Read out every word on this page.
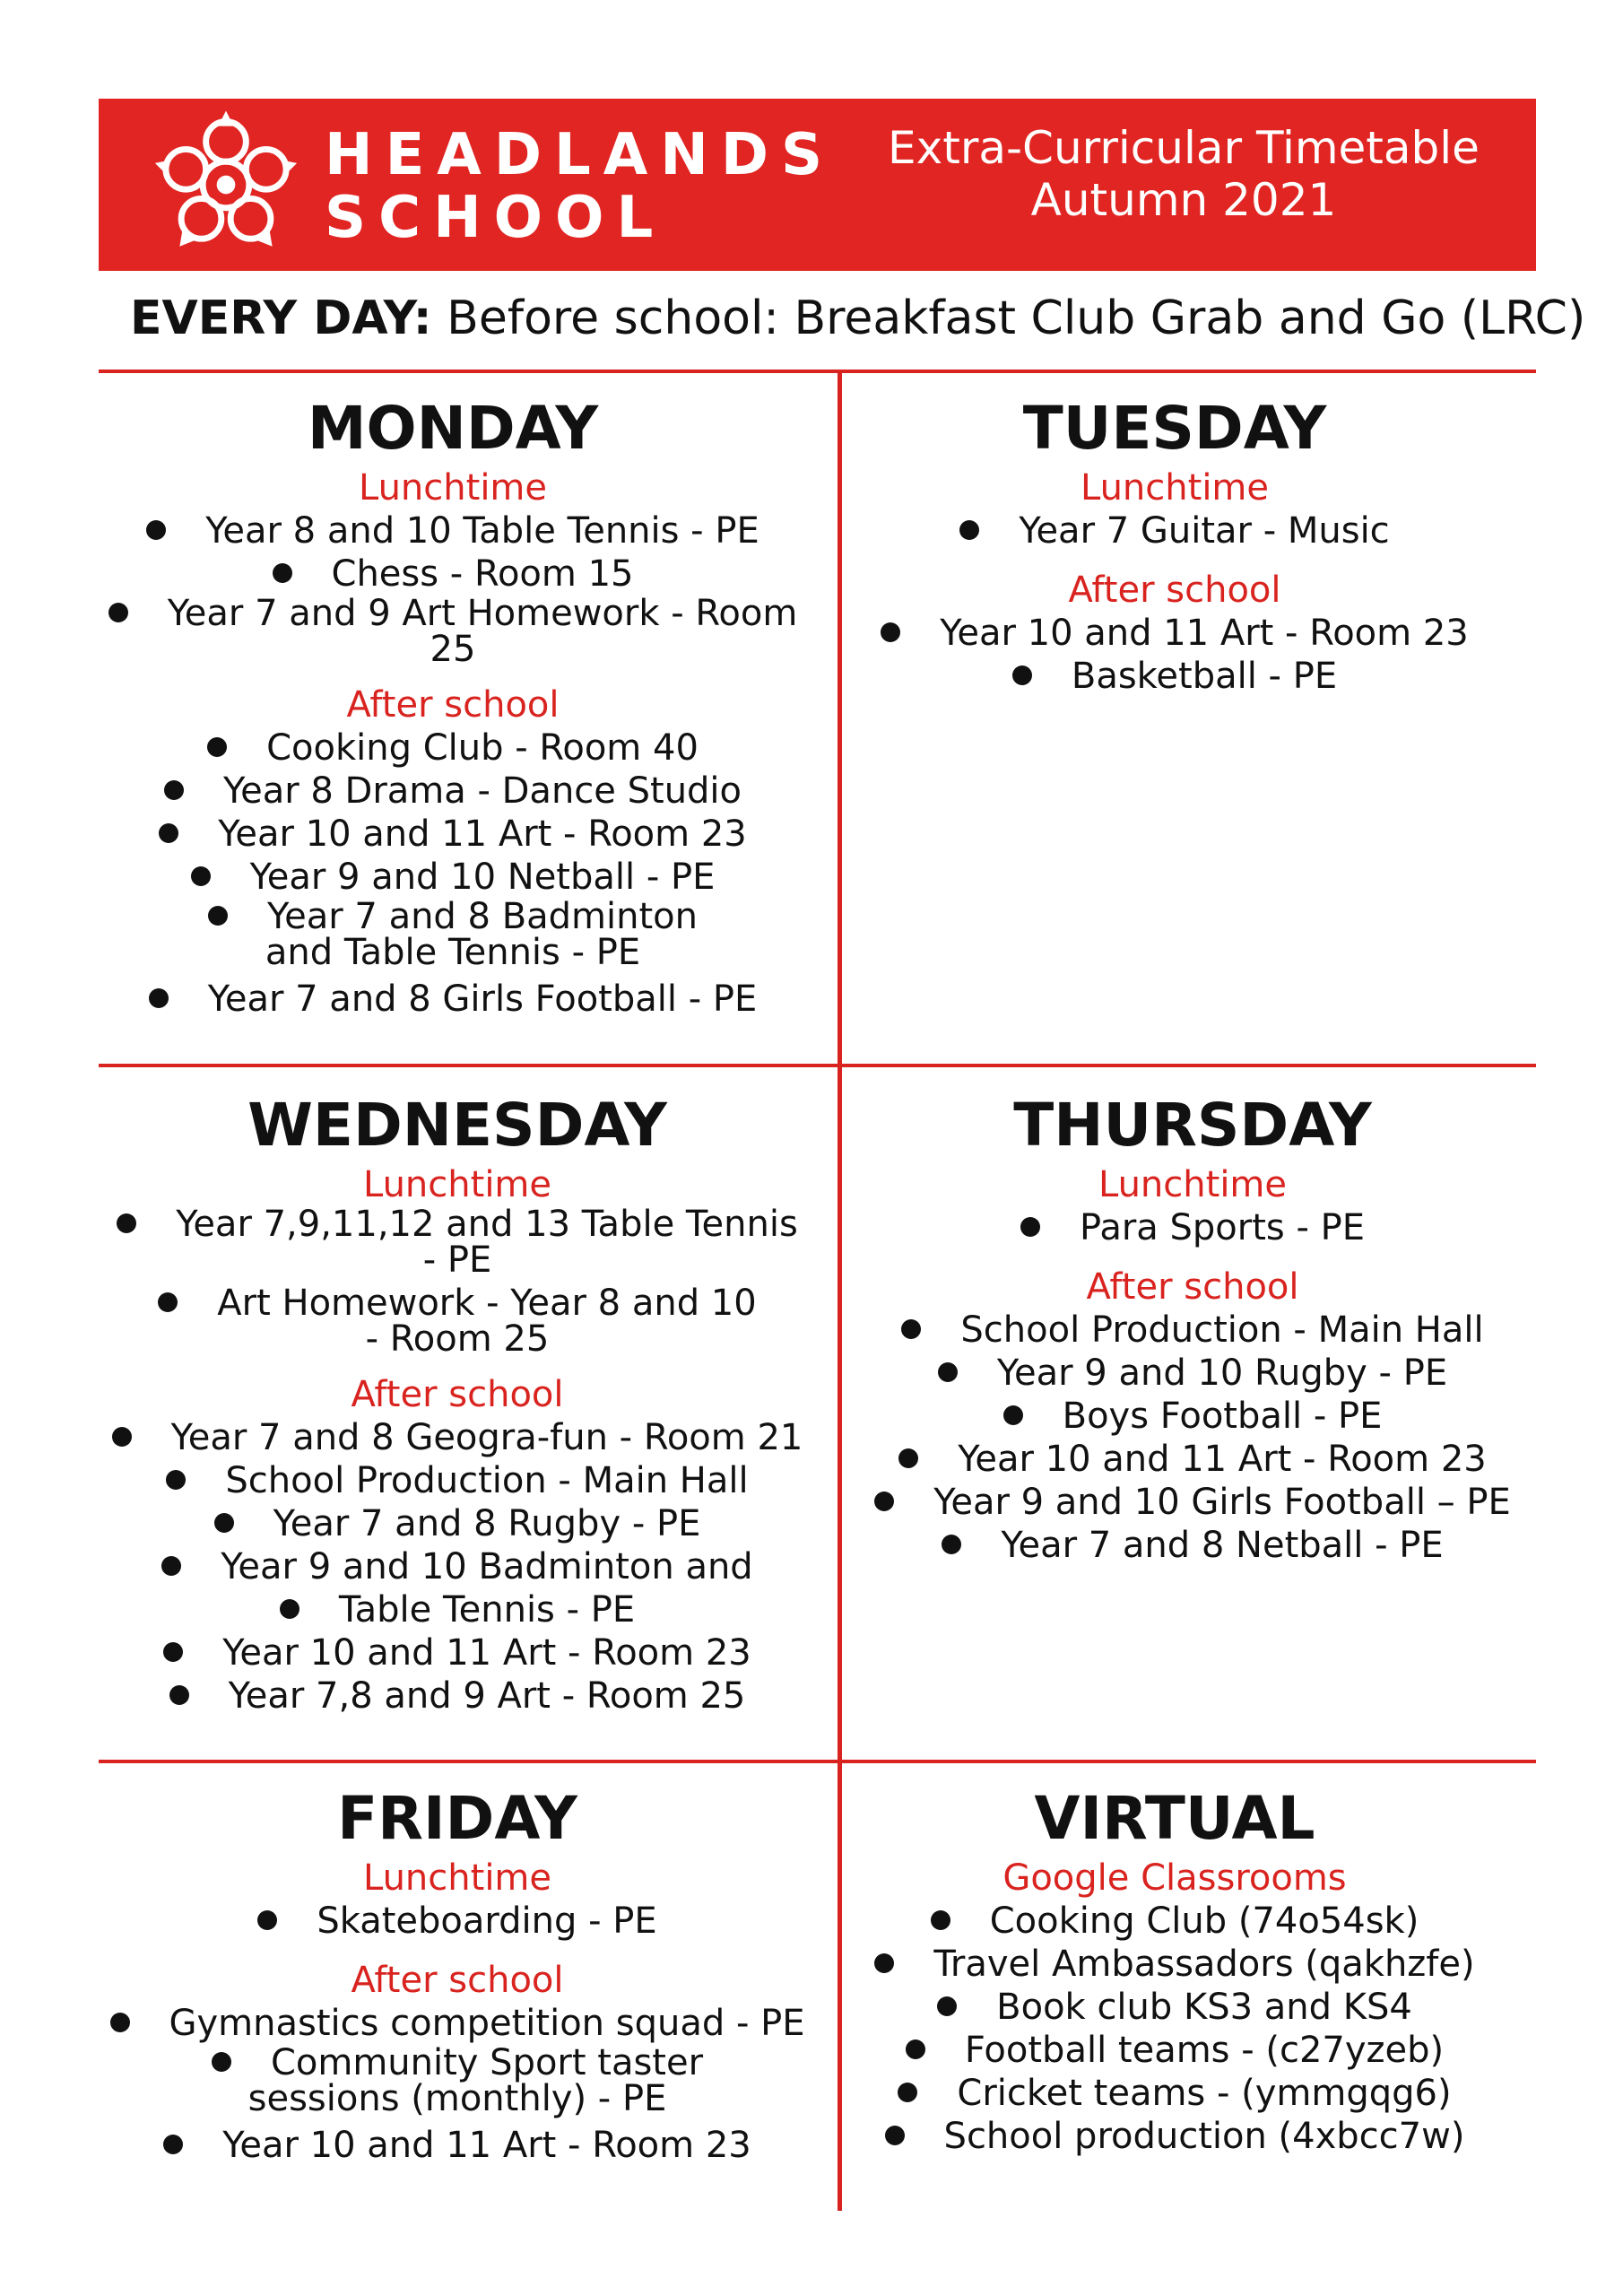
HEADLANDS
SCHOOL
Extra-Curricular Timetable
Autumn 2021
EVERY DAY: Before school: Breakfast Club Grab and Go (LRC)
MONDAY
Lunchtime
Year 8 and 10 Table Tennis - PE
Chess - Room 15
Year 7 and 9 Art Homework - Room 25
After school
Cooking Club - Room 40
Year 8 Drama - Dance Studio
Year 10 and 11 Art - Room 23
Year 9 and 10 Netball - PE
Year 7 and 8 Badminton and Table Tennis - PE
Year 7 and 8 Girls Football - PE
TUESDAY
Lunchtime
Year 7 Guitar - Music
After school
Year 10 and 11 Art - Room 23
Basketball - PE
WEDNESDAY
Lunchtime
Year 7,9,11,12 and 13 Table Tennis - PE
Art Homework - Year 8 and 10 - Room 25
After school
Year 7 and 8 Geogra-fun - Room 21
School Production - Main Hall
Year 7 and 8 Rugby - PE
Year 9 and 10 Badminton and
Table Tennis - PE
Year 10 and 11 Art - Room 23
Year 7,8 and 9 Art - Room 25
THURSDAY
Lunchtime
Para Sports - PE
After school
School Production - Main Hall
Year 9 and 10 Rugby - PE
Boys Football - PE
Year 10 and 11 Art - Room 23
Year 9 and 10 Girls Football – PE
Year 7 and 8 Netball - PE
FRIDAY
Lunchtime
Skateboarding - PE
After school
Gymnastics competition squad - PE
Community Sport taster sessions (monthly) - PE
Year 10 and 11 Art - Room 23
VIRTUAL
Google Classrooms
Cooking Club (74o54sk)
Travel Ambassadors (qakhzfe)
Book club KS3 and KS4
Football teams - (c27yzeb)
Cricket teams - (ymmgqg6)
School production (4xbcc7w)
